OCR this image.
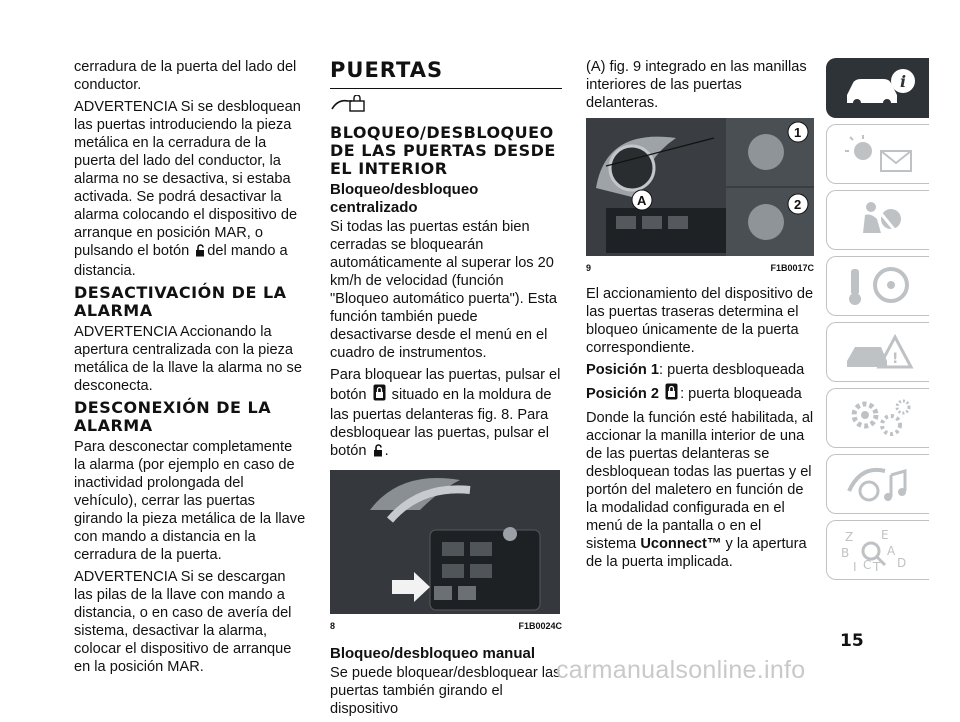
cerradura de la puerta del lado del conductor.

ADVERTENCIA Si se desbloquean las puertas introduciendo la pieza metálica en la cerradura de la puerta del lado del conductor, la alarma no se desactiva, si estaba activada. Se podrá desactivar la alarma colocando el dispositivo de arranque en posición MAR, o pulsando el botón del mando a distancia.

DESACTIVACIÓN DE LA ALARMA

ADVERTENCIA Accionando la apertura centralizada con la pieza metálica de la llave la alarma no se desconecta.

DESCONEXIÓN DE LA ALARMA

Para desconectar completamente la alarma (por ejemplo en caso de inactividad prolongada del vehículo), cerrar las puertas girando la pieza metálica de la llave con mando a distancia en la cerradura de la puerta.

ADVERTENCIA Si se descargan las pilas de la llave con mando a distancia, o en caso de avería del sistema, desactivar la alarma, colocar el dispositivo de arranque en la posición MAR.

PUERTAS
BLOQUEO/DESBLOQUEO DE LAS PUERTAS DESDE EL INTERIOR
Bloqueo/desbloqueo centralizado

Si todas las puertas están bien cerradas se bloquearán automáticamente al superar los 20 km/h de velocidad (función "Bloqueo automático puerta"). Esta función también puede desactivarse desde el menú en el cuadro de instrumentos.

Para bloquear las puertas, pulsar el botón situado en la moldura de las puertas delanteras fig. 8. Para desbloquear las puertas, pulsar el botón .

8	F1B0024C
Bloqueo/desbloqueo manual

Se puede bloquear/desbloquear las puertas también girando el dispositivo

(A) fig. 9 integrado en las manillas interiores de las puertas delanteras.

1
2
A
9	F1B0017C

El accionamiento del dispositivo de las puertas traseras determina el bloqueo únicamente de la puerta correspondiente.

Posición 1: puerta desbloqueada

Posición 2 : puerta bloqueada

Donde la función esté habilitada, al accionar la manilla interior de una de las puertas delanteras se desbloquean todas las puertas y el portón del maletero en función de la modalidad configurada en el menú de la pantalla o en el sistema Uconnect™ y la apertura de la puerta implicada.

i
!
Z E
B	A
I C T D
15
carmanualsonline.info
